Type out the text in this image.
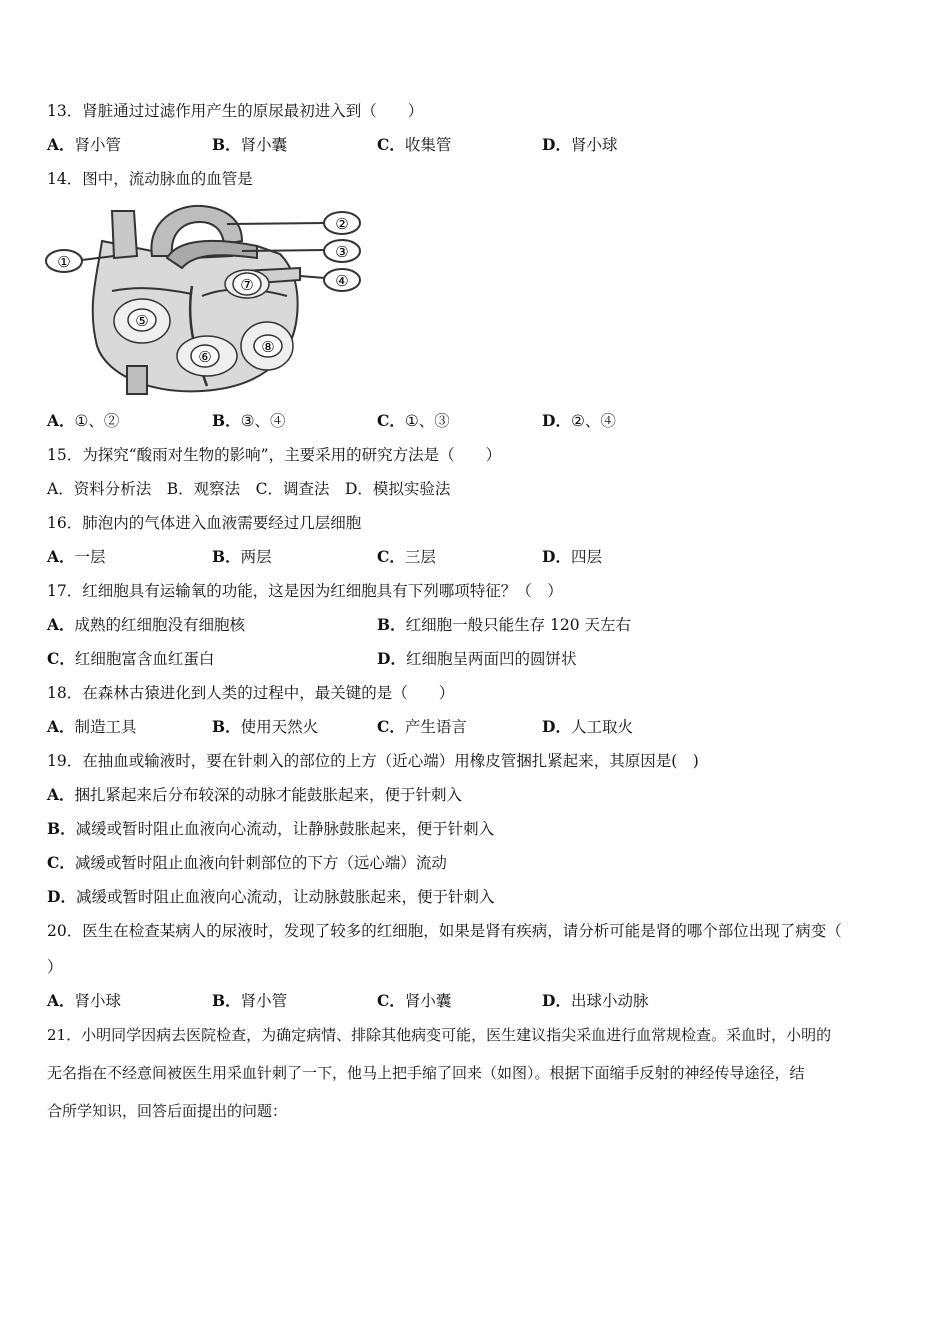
13．肾脏通过过滤作用产生的原尿最初进入到（　　）
A．肾小管	B．肾小囊	C．收集管	D．肾小球
14．图中，流动脉血的血管是
①
②
③
④
⑤
⑥
⑦
⑧
A．①、②	B．③、④	C．①、③	D．②、④
15．为探究“酸雨对生物的影响”，主要采用的研究方法是（　　）
A．资料分析法　B．观察法　C．调查法　D．模拟实验法
16．肺泡内的气体进入血液需要经过几层细胞
A．一层	B．两层	C．三层	D．四层
17．红细胞具有运输氧的功能，这是因为红细胞具有下列哪项特征？（　）
A．成熟的红细胞没有细胞核	B．红细胞一般只能生存 120 天左右
C．红细胞富含血红蛋白	D．红细胞呈两面凹的圆饼状
18．在森林古猿进化到人类的过程中，最关键的是（　　）
A．制造工具	B．使用天然火	C．产生语言	D．人工取火
19．在抽血或输液时，要在针刺入的部位的上方（近心端）用橡皮管捆扎紧起来，其原因是(　)
A．捆扎紧起来后分布较深的动脉才能鼓胀起来，便于针刺入
B．减缓或暂时阻止血液向心流动，让静脉鼓胀起来，便于针刺入
C．减缓或暂时阻止血液向针刺部位的下方（远心端）流动
D．减缓或暂时阻止血液向心流动，让动脉鼓胀起来，便于针刺入
20．医生在检查某病人的尿液时，发现了较多的红细胞，如果是肾有疾病，请分析可能是肾的哪个部位出现了病变（
）
A．肾小球	B．肾小管	C．肾小囊	D．出球小动脉
21．小明同学因病去医院检查，为确定病情、排除其他病变可能，医生建议指尖采血进行血常规检查。采血时，小明的
无名指在不经意间被医生用采血针刺了一下，他马上把手缩了回来（如图）。根据下面缩手反射的神经传导途径，结
合所学知识，回答后面提出的问题：
